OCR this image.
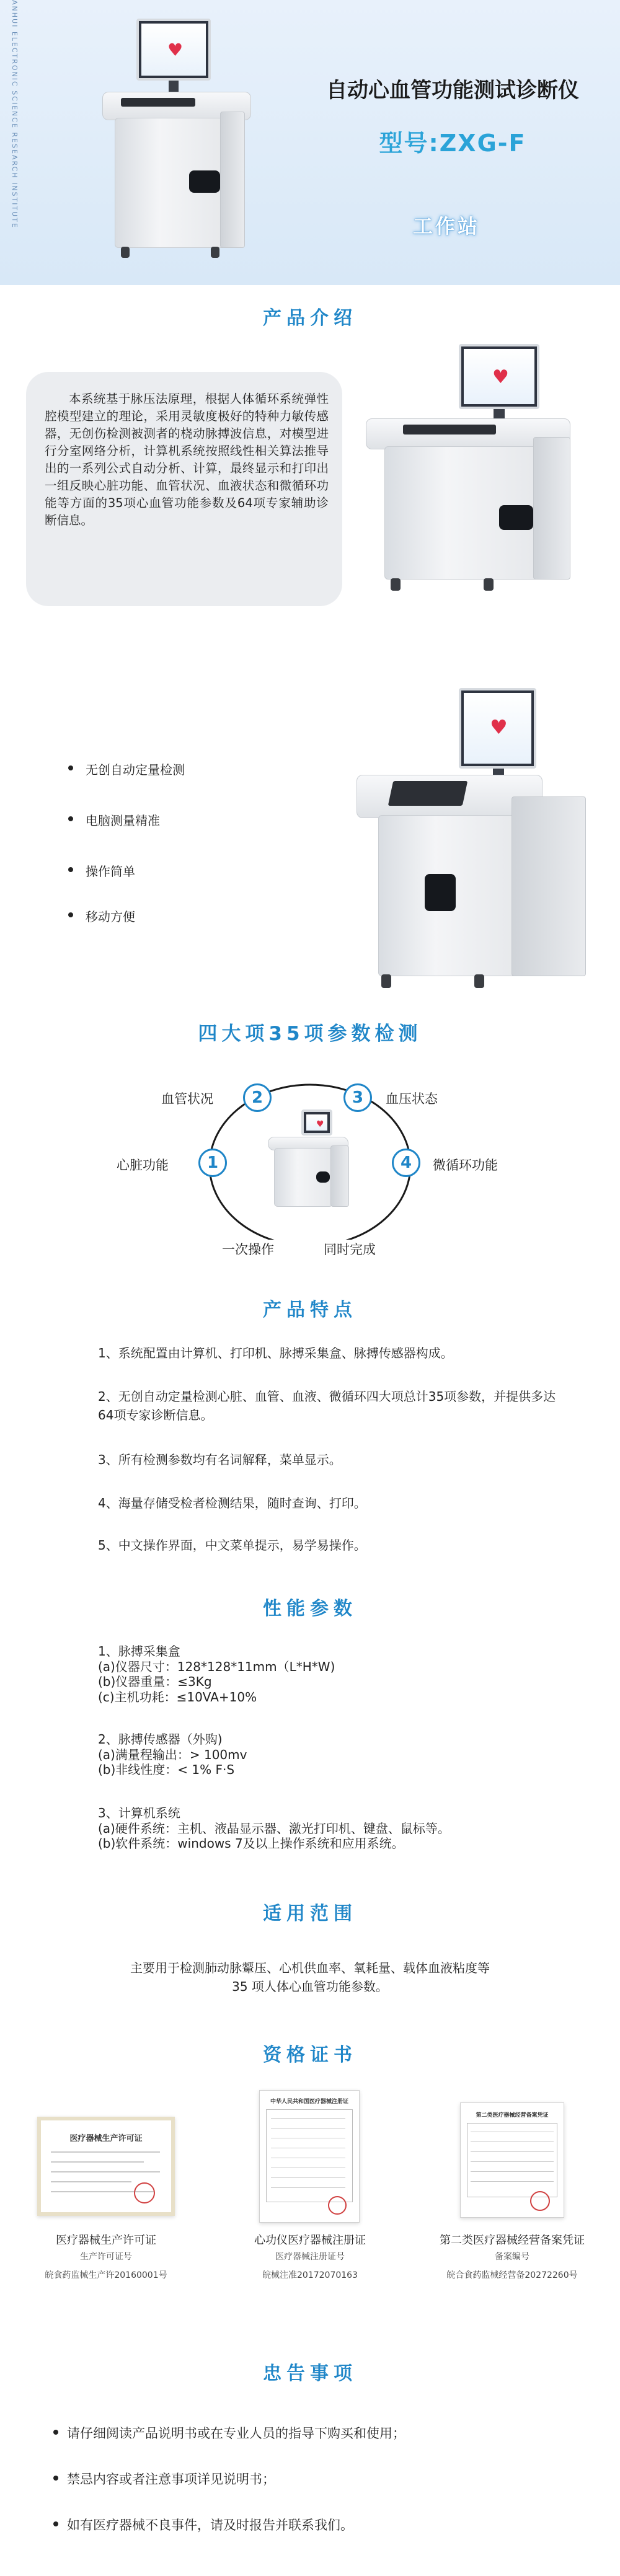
ANHUI ELECTRONIC SCIENCE RESEARCH INSTITUTE	♥
自动心血管功能测试诊断仪
型号:ZXG-F
工作站
产品介绍
本系统基于脉压法原理，根据人体循环系统弹性腔模型建立的理论，采用灵敏度极好的特种力敏传感器，无创伤检测被测者的桡动脉搏波信息，对模型进行分室网络分析，计算机系统按照线性相关算法推导出的一系列公式自动分析、计算，最终显示和打印出一组反映心脏功能、血管状况、血液状态和微循环功能等方面的35项心血管功能参数及64项专家辅助诊断信息。
♥
无创自动定量检测
电脑测量精准
操作简单
移动方便
♥
四大项35项参数检测
♥
1
2	3
4
心脏功能
血管状况	血压状态
微循环功能
一次操作	同时完成
产品特点
1、系统配置由计算机、打印机、脉搏采集盒、脉搏传感器构成。
2、无创自动定量检测心脏、血管、血液、微循环四大项总计35项参数，并提供多达64项专家诊断信息。
3、所有检测参数均有名词解释，菜单显示。
4、海量存储受检者检测结果，随时查询、打印。
5、中文操作界面，中文菜单提示，易学易操作。
性能参数
1、脉搏采集盒
(a)仪器尺寸：128*128*11mm（L*H*W)
(b)仪器重量：≤3Kg
(c)主机功耗：≤10VA+10%
2、脉搏传感器（外购)
(a)满量程输出：> 100mv
(b)非线性度：< 1% F·S
3、计算机系统
(a)硬件系统：主机、液晶显示器、激光打印机、键盘、鼠标等。
(b)软件系统：windows 7及以上操作系统和应用系统。
适用范围
主要用于检测肺动脉颦压、心机供血率、氧耗量、载体血液粘度等
35 项人体心血管功能参数。
资格证书
医疗器械生产许可证
医疗器械生产许可证
生产许可证号
皖食药监械生产许20160001号
中华人民共和国医疗器械注册证
心功仪医疗器械注册证
医疗器械注册证号
皖械注准20172070163
第二类医疗器械经营备案凭证
第二类医疗器械经营备案凭证
备案编号
皖合食药监械经营备20272260号
忠告事项
请仔细阅读产品说明书或在专业人员的指导下购买和使用；
禁忌内容或者注意事项详见说明书；
如有医疗器械不良事件，请及时报告并联系我们。
